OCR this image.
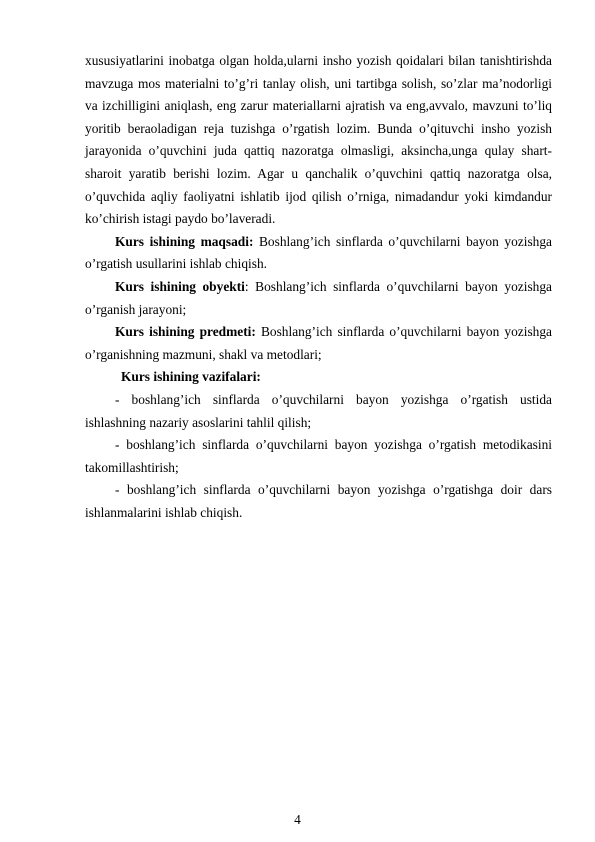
xususiyatlarini inobatga olgan holda,ularni insho yozish qoidalari bilan tanishtirishda mavzuga mos materialni to’g’ri tanlay olish, uni tartibga solish, so’zlar ma’nodorligi va izchilligini aniqlash, eng zarur materiallarni ajratish va eng,avvalo, mavzuni to’liq yoritib beraoladigan reja tuzishga o’rgatish lozim. Bunda o’qituvchi insho yozish jarayonida o’quvchini juda qattiq nazoratga olmasligi, aksincha,unga qulay shart-sharoit yaratib berishi lozim. Agar u qanchalik o’quvchini qattiq nazoratga olsa, o’quvchida aqliy faoliyatni ishlatib ijod qilish o’rniga, nimadandur yoki kimdandur ko’chirish istagi paydo bo’laveradi.

Kurs ishining maqsadi: Boshlang’ich sinflarda o’quvchilarni bayon yozishga o’rgatish usullarini ishlab chiqish.

Kurs ishining obyekti: Boshlang’ich sinflarda o’quvchilarni bayon yozishga o’rganish jarayoni;

Kurs ishining predmeti: Boshlang’ich sinflarda o’quvchilarni bayon yozishga o’rganishning mazmuni, shakl va metodlari;

Kurs ishining vazifalari:

- boshlang’ich sinflarda o’quvchilarni bayon yozishga o’rgatish ustida ishlashning nazariy asoslarini tahlil qilish;

- boshlang’ich sinflarda o’quvchilarni bayon yozishga o’rgatish metodikasini takomillashtirish;

- boshlang’ich sinflarda o’quvchilarni bayon yozishga o’rgatishga doir dars ishlanmalarini ishlab chiqish.

4
